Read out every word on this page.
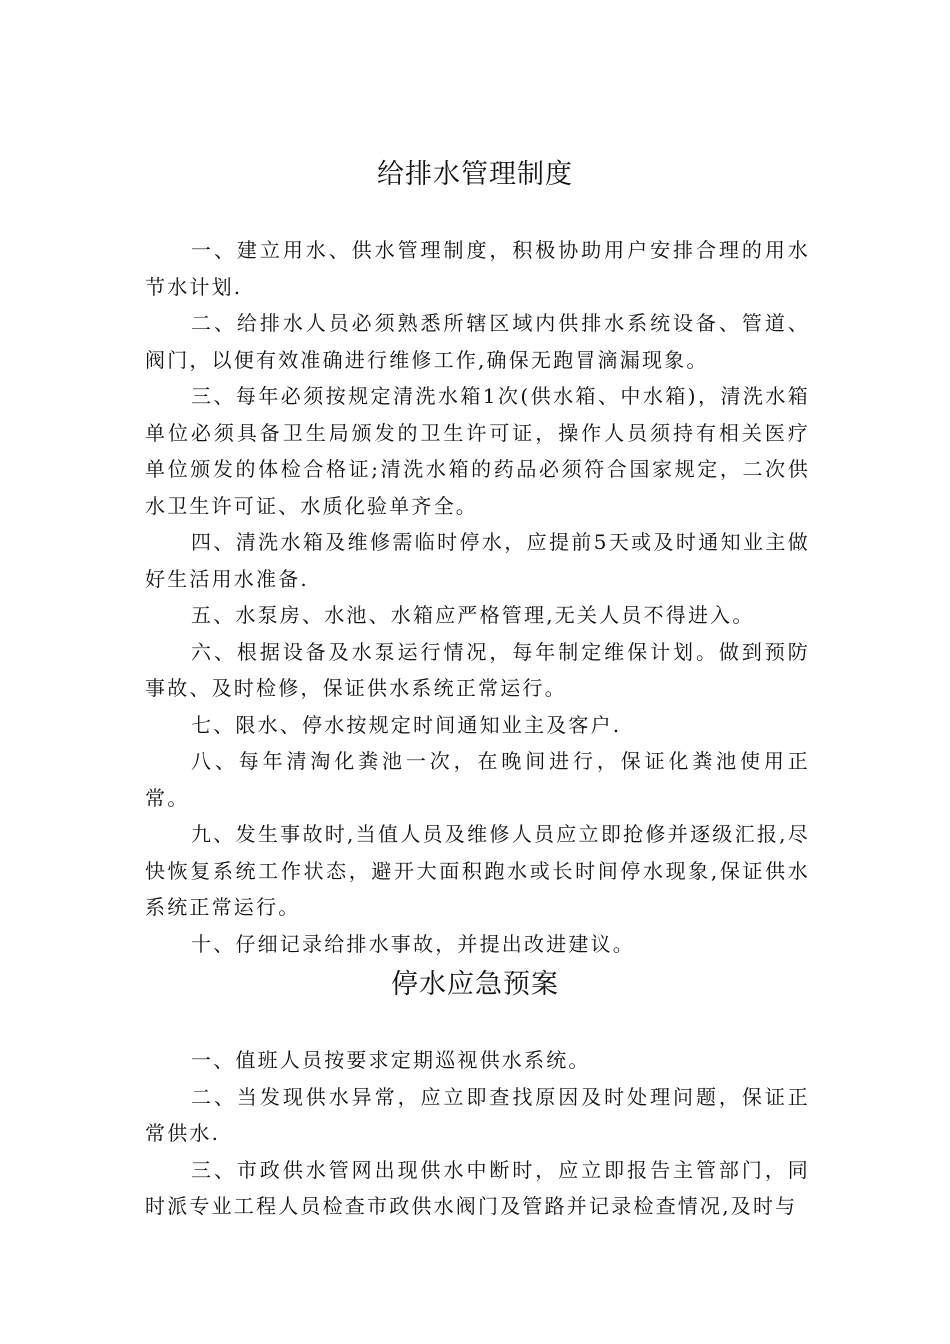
给排水管理制度

一、建立用水、供水管理制度，积极协助用户安排合理的用水节水计划.

二、给排水人员必须熟悉所辖区域内供排水系统设备、管道、阀门，以便有效准确进行维修工作,确保无跑冒滴漏现象。

三、每年必须按规定清洗水箱1次(供水箱、中水箱)，清洗水箱单位必须具备卫生局颁发的卫生许可证，操作人员须持有相关医疗单位颁发的体检合格证;清洗水箱的药品必须符合国家规定，二次供水卫生许可证、水质化验单齐全。

四、清洗水箱及维修需临时停水，应提前5天或及时通知业主做好生活用水准备.

五、水泵房、水池、水箱应严格管理,无关人员不得进入。

六、根据设备及水泵运行情况，每年制定维保计划。做到预防事故、及时检修，保证供水系统正常运行。

七、限水、停水按规定时间通知业主及客户.

八、每年清淘化粪池一次，在晚间进行，保证化粪池使用正常。

九、发生事故时,当值人员及维修人员应立即抢修并逐级汇报,尽快恢复系统工作状态，避开大面积跑水或长时间停水现象,保证供水系统正常运行。

十、仔细记录给排水事故，并提出改进建议。

停水应急预案

一、值班人员按要求定期巡视供水系统。

二、当发现供水异常，应立即查找原因及时处理问题，保证正常供水.

三、市政供水管网出现供水中断时，应立即报告主管部门，同时派专业工程人员检查市政供水阀门及管路并记录检查情况,及时与
